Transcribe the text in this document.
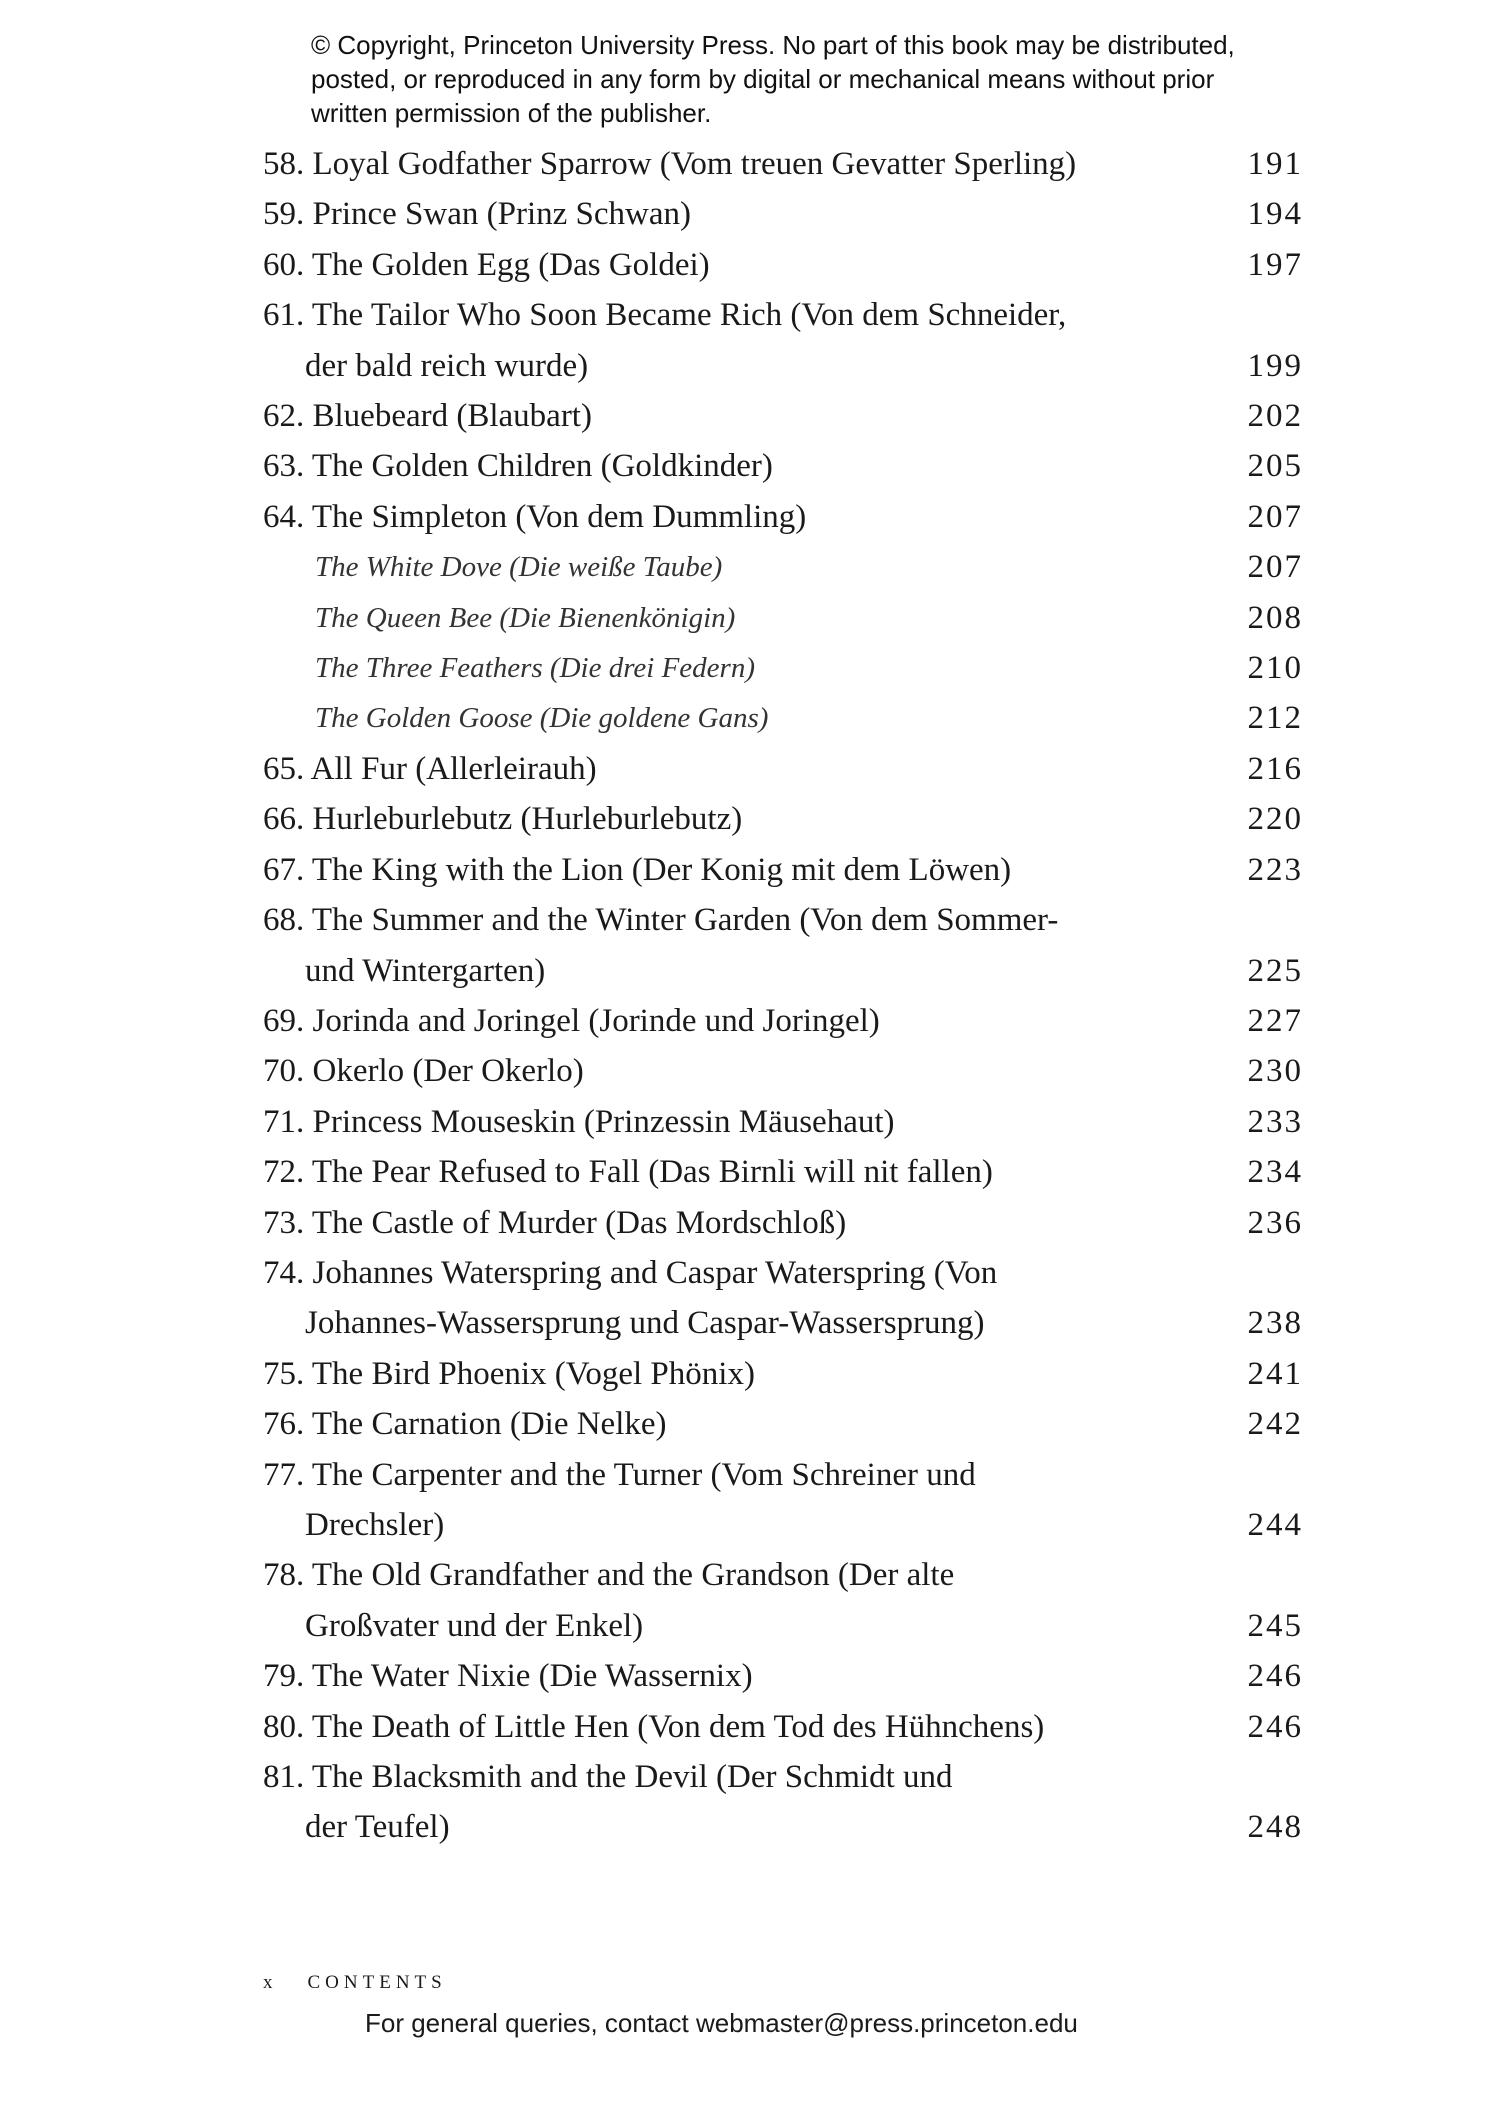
© Copyright, Princeton University Press. No part of this book may be distributed, posted, or reproduced in any form by digital or mechanical means without prior written permission of the publisher.
58. Loyal Godfather Sparrow (Vom treuen Gevatter Sperling)	191
59. Prince Swan (Prinz Schwan)	194
60. The Golden Egg (Das Goldei)	197
61. The Tailor Who Soon Became Rich (Von dem Schneider,
der bald reich wurde)	199
62. Bluebeard (Blaubart)	202
63. The Golden Children (Goldkinder)	205
64. The Simpleton (Von dem Dummling)	207
The White Dove (Die weiße Taube)	207
The Queen Bee (Die Bienenkönigin)	208
The Three Feathers (Die drei Federn)	210
The Golden Goose (Die goldene Gans)	212
65. All Fur (Allerleirauh)	216
66. Hurleburlebutz (Hurleburlebutz)	220
67. The King with the Lion (Der Konig mit dem Löwen)	223
68. The Summer and the Winter Garden (Von dem Sommer-
und Wintergarten)	225
69. Jorinda and Joringel (Jorinde und Joringel)	227
70. Okerlo (Der Okerlo)	230
71. Princess Mouseskin (Prinzessin Mäusehaut)	233
72. The Pear Refused to Fall (Das Birnli will nit fallen)	234
73. The Castle of Murder (Das Mordschloß)	236
74. Johannes Waterspring and Caspar Waterspring (Von
Johannes-Wassersprung und Caspar-Wassersprung)	238
75. The Bird Phoenix (Vogel Phönix)	241
76. The Carnation (Die Nelke)	242
77. The Carpenter and the Turner (Vom Schreiner und
Drechsler)	244
78. The Old Grandfather and the Grandson (Der alte
Großvater und der Enkel)	245
79. The Water Nixie (Die Wassernix)	246
80. The Death of Little Hen (Von dem Tod des Hühnchens)	246
81. The Blacksmith and the Devil (Der Schmidt und
der Teufel)	248
x CONTENTS
For general queries, contact webmaster@press.princeton.edu
